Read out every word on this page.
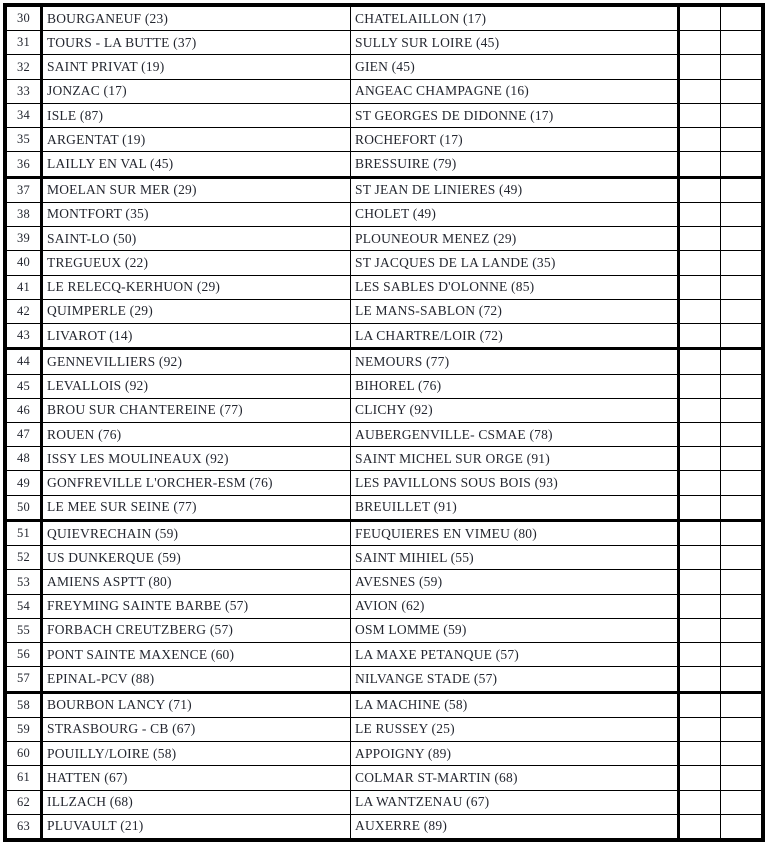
30	BOURGANEUF (23)	CHATELAILLON (17)
31	TOURS - LA BUTTE (37)	SULLY SUR LOIRE (45)
32	SAINT PRIVAT (19)	GIEN (45)
33	JONZAC (17)	ANGEAC CHAMPAGNE (16)
34	ISLE (87)	ST GEORGES DE DIDONNE (17)
35	ARGENTAT (19)	ROCHEFORT (17)
36	LAILLY EN VAL (45)	BRESSUIRE (79)
37	MOELAN SUR MER (29)	ST JEAN DE LINIERES (49)
38	MONTFORT (35)	CHOLET (49)
39	SAINT-LO (50)	PLOUNEOUR MENEZ (29)
40	TREGUEUX (22)	ST JACQUES DE LA LANDE (35)
41	LE RELECQ-KERHUON (29)	LES SABLES D'OLONNE (85)
42	QUIMPERLE (29)	LE MANS-SABLON (72)
43	LIVAROT (14)	LA CHARTRE/LOIR (72)
44	GENNEVILLIERS (92)	NEMOURS (77)
45	LEVALLOIS (92)	BIHOREL (76)
46	BROU SUR CHANTEREINE (77)	CLICHY (92)
47	ROUEN (76)	AUBERGENVILLE- CSMAE (78)
48	ISSY LES MOULINEAUX (92)	SAINT MICHEL SUR ORGE (91)
49	GONFREVILLE L'ORCHER-ESM (76)	LES PAVILLONS SOUS BOIS (93)
50	LE MEE SUR SEINE (77)	BREUILLET (91)
51	QUIEVRECHAIN (59)	FEUQUIERES EN VIMEU (80)
52	US DUNKERQUE (59)	SAINT MIHIEL (55)
53	AMIENS ASPTT (80)	AVESNES (59)
54	FREYMING SAINTE BARBE (57)	AVION (62)
55	FORBACH CREUTZBERG (57)	OSM LOMME (59)
56	PONT SAINTE MAXENCE (60)	LA MAXE PETANQUE (57)
57	EPINAL-PCV (88)	NILVANGE STADE (57)
58	BOURBON LANCY (71)	LA MACHINE (58)
59	STRASBOURG - CB (67)	LE RUSSEY (25)
60	POUILLY/LOIRE (58)	APPOIGNY (89)
61	HATTEN (67)	COLMAR ST-MARTIN (68)
62	ILLZACH (68)	LA WANTZENAU (67)
63	PLUVAULT (21)	AUXERRE (89)
